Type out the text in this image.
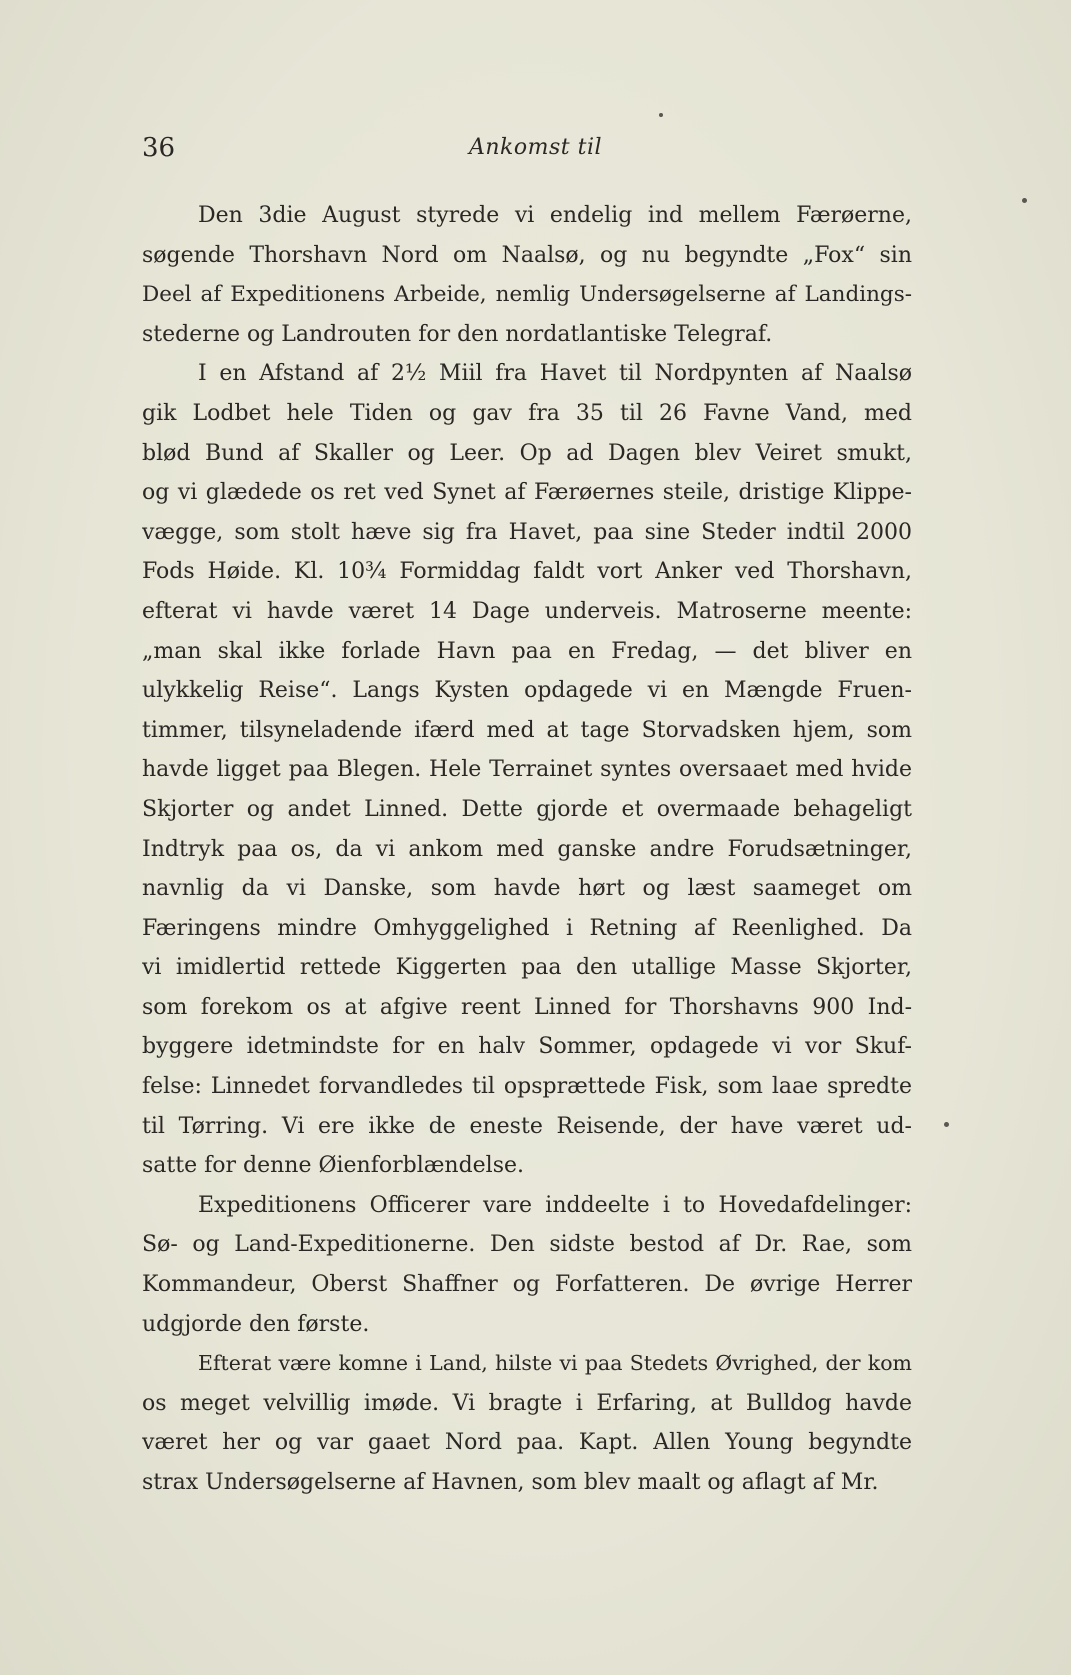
36	Ankomst til
Den 3die August styrede vi endelig ind mellem Færøerne,
søgende Thorshavn Nord om Naalsø, og nu begyndte „Fox“ sin
Deel af Expeditionens Arbeide, nemlig Undersøgelserne af Landings-
stederne og Landrouten for den nordatlantiske Telegraf.
I en Afstand af 2½ Miil fra Havet til Nordpynten af Naalsø
gik Lodbet hele Tiden og gav fra 35 til 26 Favne Vand, med
blød Bund af Skaller og Leer. Op ad Dagen blev Veiret smukt,
og vi glædede os ret ved Synet af Færøernes steile, dristige Klippe-
vægge, som stolt hæve sig fra Havet, paa sine Steder indtil 2000
Fods Høide. Kl. 10¾ Formiddag faldt vort Anker ved Thorshavn,
efterat vi havde været 14 Dage underveis. Matroserne meente:
„man skal ikke forlade Havn paa en Fredag, — det bliver en
ulykkelig Reise“. Langs Kysten opdagede vi en Mængde Fruen-
timmer, tilsyneladende ifærd med at tage Storvadsken hjem, som
havde ligget paa Blegen. Hele Terrainet syntes oversaaet med hvide
Skjorter og andet Linned. Dette gjorde et overmaade behageligt
Indtryk paa os, da vi ankom med ganske andre Forudsætninger,
navnlig da vi Danske, som havde hørt og læst saameget om
Færingens mindre Omhyggelighed i Retning af Reenlighed. Da
vi imidlertid rettede Kiggerten paa den utallige Masse Skjorter,
som forekom os at afgive reent Linned for Thorshavns 900 Ind-
byggere idetmindste for en halv Sommer, opdagede vi vor Skuf-
felse: Linnedet forvandledes til opsprættede Fisk, som laae spredte
til Tørring. Vi ere ikke de eneste Reisende, der have været ud-
satte for denne Øienforblændelse.
Expeditionens Officerer vare inddeelte i to Hovedafdelinger:
Sø- og Land-Expeditionerne. Den sidste bestod af Dr. Rae, som
Kommandeur, Oberst Shaffner og Forfatteren. De øvrige Herrer
udgjorde den første.
Efterat være komne i Land, hilste vi paa Stedets Øvrighed, der kom
os meget velvillig imøde. Vi bragte i Erfaring, at Bulldog havde
været her og var gaaet Nord paa. Kapt. Allen Young begyndte
strax Undersøgelserne af Havnen, som blev maalt og aflagt af Mr.
